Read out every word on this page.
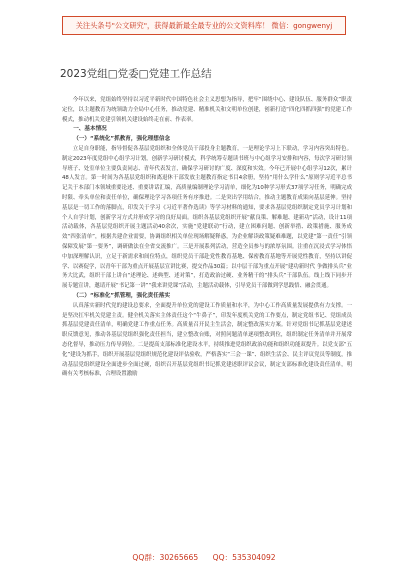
关注头条号"公文研究"，获得最新最全最专业的公文资料库！ 微信：gongwenyj
2023党组□党委□党建工作总结

今年以来，党组始终坚持以习近平新时代中国特色社会主义思想为指导，把牢“围绕中心、建设队伍、服务群众”职责定位，以主题教育为统领助力全局中心任务，推动党建、精准机关和文明单位创建，创新打造“四化四抓四强”的党建工作模式，推动机关党建引领机关建设始终走在前、作表率。

一、基本情况
（一）“系统化”抓教育，强化理想信念

立足自身职能，指导督促各基层党组织和全体党员干部投身主题教育，一是理论学习上下联动，学习内容突出特色。制定2023年度党组中心组学习计划，创新学习研讨模式，科学统筹专题读书班与中心组学习安排和内容，每次学习研讨领导班子、处室单位主要负责同志、青年代表发言，确保学习研讨的广度、深度和实效。今年已开展中心组学习12次，累计48人发言。第一时间为各基层党组织和离退休干部发放主题教育指定书目4余册，坚持“用什么学什么”原则学习近平总书记关于本部门本领域重要论述、重要讲话汇编，高质量编制理论学习清单，细化为10种学习形式37项学习任务，明确完成时限、牵头单位和责任单位，确保理论学习各项任务有序推进。二是突出学用结合，推动主题教育成果向基层延伸。坚持基层是一切工作的落脚点，印发关于学习《习近平著作选读》等学习材料的通知，要求各基层党组织制定党员学习计划和个人自学计划，创新学习方式并形成学习的良好局面。组织各基层党组织开展“献良策、解难题、建新功”活动，设计11项活动载体，各基层党组织开展主题活动40余次，实施“党建联动”行动，建立困难问题、创新举措、政策措施、服务成效“四张清单”，根据共建企业需要，协调组织相关单位现场解疑释惑，为企业解读政策疑难难题，以党建“第一责任”引领保障发展“第一要务”，调研做法在全省交流推广。三是开展系列活动，营造全员参与的浓厚氛围。注重在沉浸式学习体悟中加深理解认识，立足于新需求和间位特点，组织党员干部赴党性教育基地、保密教育基地等开展党性教育，坚持以讲促学、以赛促学，以青年干部为重点开展基层宣讲比赛，提交作品30篇；以中层干部为重点开展“建功新时代 争做排头兵”业务大比武，组织干部上讲台“述理论、述典型、述对策”，打造政治过硬、业务精干的“排头兵”干部队伍。线上线下同步开展专题宣讲，邀请开展“书记第一讲”“我来讲党课”活动，主题活动载体，引导党员干部做到学思践悟、融会贯通。

（二）“标准化”抓管理，强化责任落实

认真落实新时代党的建设总要求，全面提升单位党的建设工作质量和水平，为中心工作高质量发展提供有力支撑。一是坚决扛牢机关党建主责。健全机关落实主体责任这个“牛鼻子”，印发年度机关党的工作要点，制定党组书记、党组成员抓基层党建责任清单，明确党建工作重点任务。高质量召开民主生活会，制定整改落实方案。针对党组书记抓基层党建述职反馈意见，推动各基层党组织强化责任担当，建立整改台账，对照问题清单逐项整改到位，组织制定任务清单并开展常态化督导，推动压力传导到位。二是提高支部标准化建设水平，持续推进党组织政治功能和组织功能双提升。以党支部“五化”建设为抓手，组织开展基层党组织规范化建设评估验收，严格落实“三会一课”、组织生活会、民主评议党员等制度，推动基层党组织建设全面进步全面过硬，组织召开基层党组织书记抓党建述职评议会议，制定支部标准化建设责任清单，明确有关考核标准，合理设置激励

QQ群：30265665 QQ：535304092
